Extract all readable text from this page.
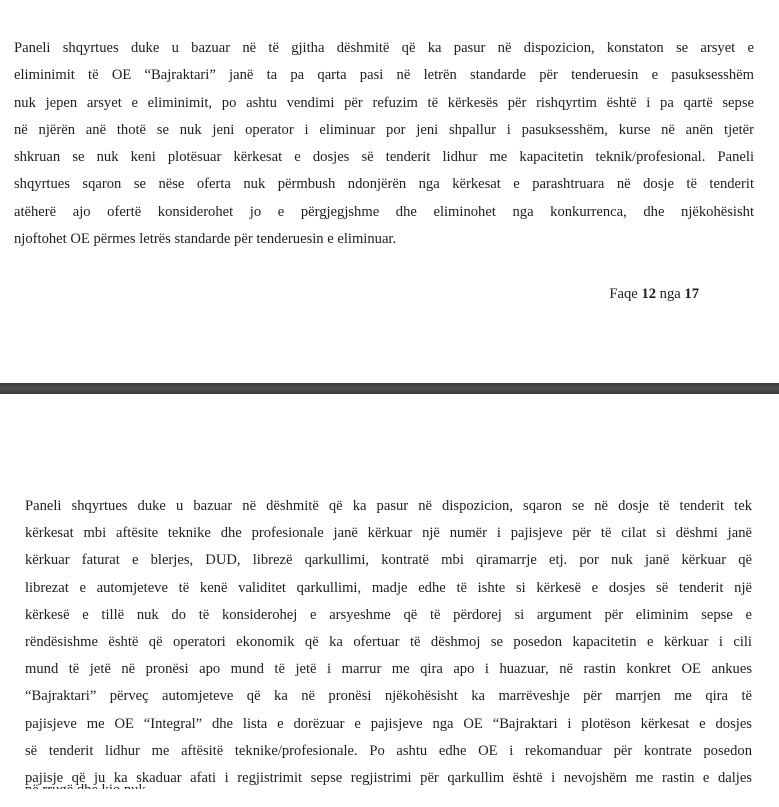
Paneli shqyrtues duke u bazuar në të gjitha dëshmitë që ka pasur në dispozicion, konstaton se arsyet e
eliminimit të OE “Bajraktari” janë ta pa qarta pasi në letrën standarde për tenderuesin e pasuksesshëm
nuk jepen arsyet e eliminimit, po ashtu vendimi për refuzim të kërkesës për rishqyrtim është i pa qartë sepse
në njërën anë thotë se nuk jeni operator i eliminuar por jeni shpallur i pasuksesshëm, kurse në anën tjetër
shkruan se nuk keni plotësuar kërkesat e dosjes së tenderit lidhur me kapacitetin teknik/profesional. Paneli
shqyrtues sqaron se nëse oferta nuk përmbush ndonjërën nga kërkesat e parashtruara në dosje të tenderit
atëherë ajo ofertë konsiderohet jo e përgjegjshme dhe eliminohet nga konkurrenca, dhe njëkohësisht
njoftohet OE përmes letrës standarde për tenderuesin e eliminuar.

Faqe 12 nga 17

Paneli shqyrtues duke u bazuar në dëshmitë që ka pasur në dispozicion, sqaron se në dosje të tenderit tek
kërkesat mbi aftësite teknike dhe profesionale janë kërkuar një numër i pajisjeve për të cilat si dëshmi janë
kërkuar faturat e blerjes, DUD, librezë qarkullimi, kontratë mbi qiramarrje etj. por nuk janë kërkuar që
librezat e automjeteve të kenë validitet qarkullimi, madje edhe të ishte si kërkesë e dosjes së tenderit një
kërkesë e tillë nuk do të konsiderohej e arsyeshme që të përdorej si argument për eliminim sepse e
rëndësishme është që operatori ekonomik që ka ofertuar të dëshmoj se posedon kapacitetin e kërkuar i cili
mund të jetë në pronësi apo mund të jetë i marrur me qira apo i huazuar, në rastin konkret OE ankues
“Bajraktari” përveç automjeteve që ka në pronësi njëkohësisht ka marrëveshje për marrjen me qira të
pajisjeve me OE “Integral” dhe lista e dorëzuar e pajisjeve nga OE “Bajraktari i plotëson kërkesat e dosjes
së tenderit lidhur me aftësitë teknike/profesionale. Po ashtu edhe OE i rekomanduar për kontrate posedon
pajisje që ju ka skaduar afati i regjistrimit sepse regjistrimi për qarkullim është i nevojshëm me rastin e daljes
